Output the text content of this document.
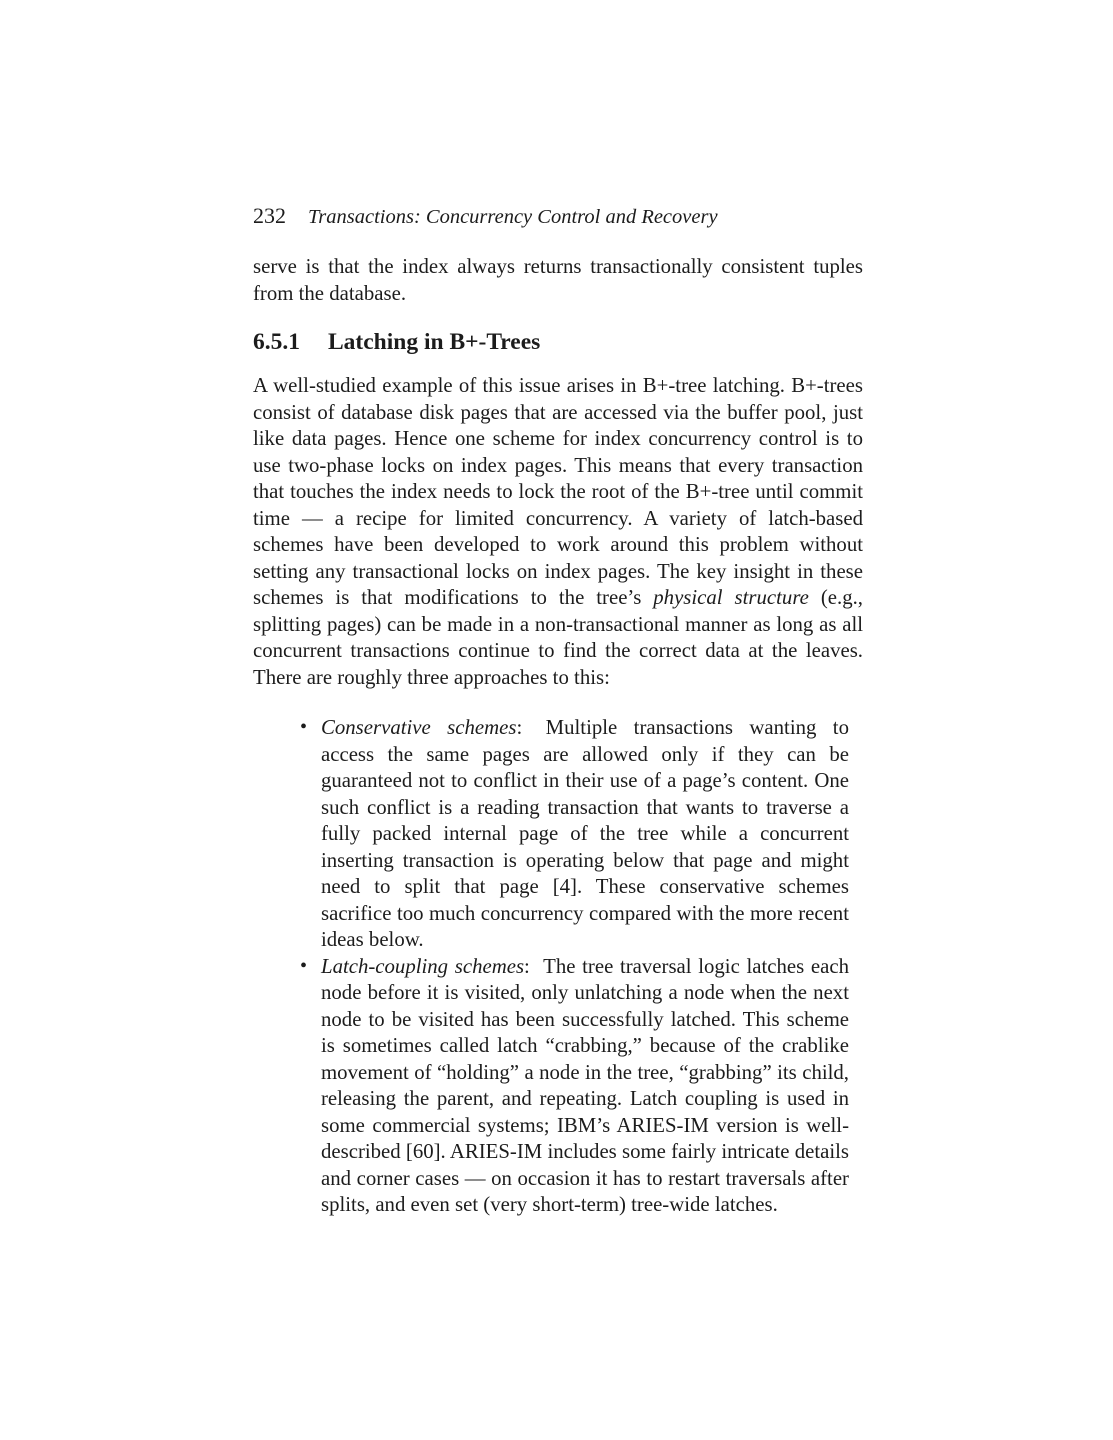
232 Transactions: Concurrency Control and Recovery

serve is that the index always returns transactionally consistent tuples from the database.

6.5.1 Latching in B+-Trees

A well-studied example of this issue arises in B+-tree latching. B+-trees consist of database disk pages that are accessed via the buffer pool, just like data pages. Hence one scheme for index concurrency control is to use two-phase locks on index pages. This means that every transaction that touches the index needs to lock the root of the B+-tree until commit time — a recipe for limited concurrency. A variety of latch-based schemes have been developed to work around this problem without setting any transactional locks on index pages. The key insight in these schemes is that modifications to the tree’s physical structure (e.g., splitting pages) can be made in a non-transactional manner as long as all concurrent transactions continue to find the correct data at the leaves. There are roughly three approaches to this:

• Conservative schemes: Multiple transactions wanting to access the same pages are allowed only if they can be guaranteed not to conflict in their use of a page’s content. One such conflict is a reading transaction that wants to traverse a fully packed internal page of the tree while a concurrent inserting transaction is operating below that page and might need to split that page [4]. These conservative schemes sacrifice too much concurrency compared with the more recent ideas below.
• Latch-coupling schemes: The tree traversal logic latches each node before it is visited, only unlatching a node when the next node to be visited has been successfully latched. This scheme is sometimes called latch “crabbing,” because of the crablike movement of “holding” a node in the tree, “grabbing” its child, releasing the parent, and repeating. Latch coupling is used in some commercial systems; IBM’s ARIES-IM version is well-described [60]. ARIES-IM includes some fairly intricate details and corner cases — on occasion it has to restart traversals after splits, and even set (very short-term) tree-wide latches.
